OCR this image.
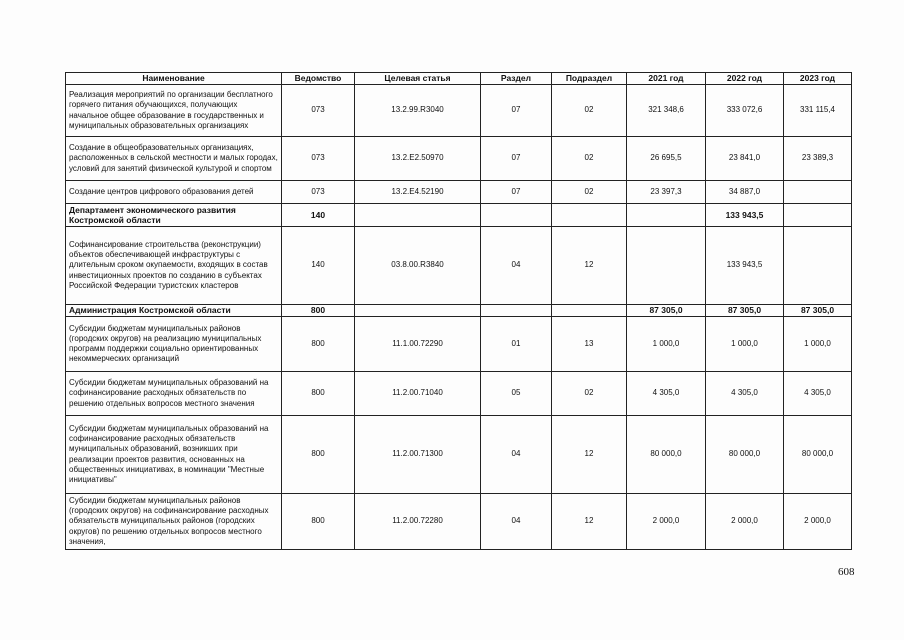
Наименование	Ведомство	Целевая статья	Раздел	Подраздел	2021 год	2022 год	2023 год
Реализация мероприятий по организации бесплатного горячего питания обучающихся, получающих начальное общее образование в государственных и муниципальных образовательных организациях	073	13.2.99.R3040	07	02	321 348,6	333 072,6	331 115,4
Создание в общеобразовательных организациях, расположенных в сельской местности и малых городах, условий для занятий физической культурой и спортом	073	13.2.E2.50970	07	02	26 695,5	23 841,0	23 389,3
Создание центров цифрового образования детей	073	13.2.E4.52190	07	02	23 397,3	34 887,0	
Департамент экономического развития Костромской области	140					133 943,5	
Софинансирование строительства (реконструкции) объектов обеспечивающей инфраструктуры с длительным сроком окупаемости, входящих в состав инвестиционных проектов по созданию в субъектах Российской Федерации туристских кластеров	140	03.8.00.R3840	04	12		133 943,5	
Администрация Костромской области	800				87 305,0	87 305,0	87 305,0
Субсидии бюджетам муниципальных районов (городских округов) на реализацию муниципальных программ поддержки социально ориентированных некоммерческих организаций	800	11.1.00.72290	01	13	1 000,0	1 000,0	1 000,0
Субсидии бюджетам муниципальных образований на софинансирование расходных обязательств по решению отдельных вопросов местного значения	800	11.2.00.71040	05	02	4 305,0	4 305,0	4 305,0
Субсидии бюджетам муниципальных образований на софинансирование расходных обязательств муниципальных образований, возникших при реализации проектов развития, основанных на общественных инициативах, в номинации "Местные инициативы"	800	11.2.00.71300	04	12	80 000,0	80 000,0	80 000,0
Субсидии бюджетам муниципальных районов (городских округов) на софинансирование расходных обязательств муниципальных районов (городских округов) по решению отдельных вопросов местного значения,	800	11.2.00.72280	04	12	2 000,0	2 000,0	2 000,0
608
